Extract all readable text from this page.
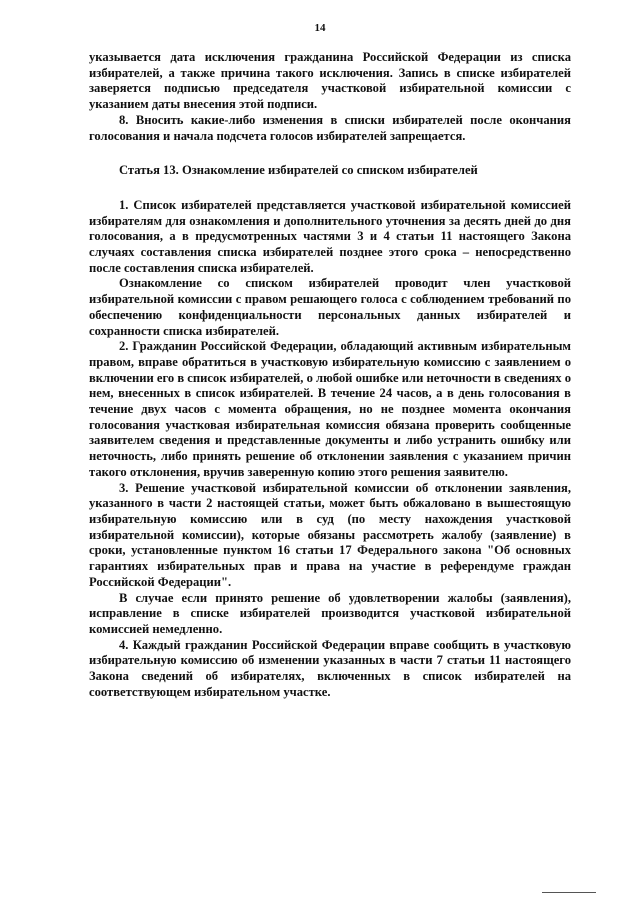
14

указывается дата исключения гражданина Российской Федерации из списка избирателей, а также причина такого исключения. Запись в списке избирателей заверяется подписью председателя участковой избирательной комиссии с указанием даты внесения этой подписи.

8. Вносить какие-либо изменения в списки избирателей после окончания голосования и начала подсчета голосов избирателей запрещается.

Статья 13. Ознакомление избирателей со списком избирателей

1. Список избирателей представляется участковой избирательной комиссией избирателям для ознакомления и дополнительного уточнения за десять дней до дня голосования, а в предусмотренных частями 3 и 4 статьи 11 настоящего Закона случаях составления списка избирателей позднее этого срока – непосредственно после составления списка избирателей.

Ознакомление со списком избирателей проводит член участковой избирательной комиссии с правом решающего голоса с соблюдением требований по обеспечению конфиденциальности персональных данных избирателей и сохранности списка избирателей.

2. Гражданин Российской Федерации, обладающий активным избирательным правом, вправе обратиться в участковую избирательную комиссию с заявлением о включении его в список избирателей, о любой ошибке или неточности в сведениях о нем, внесенных в список избирателей. В течение 24 часов, а в день голосования в течение двух часов с момента обращения, но не позднее момента окончания голосования участковая избирательная комиссия обязана проверить сообщенные заявителем сведения и представленные документы и либо устранить ошибку или неточность, либо принять решение об отклонении заявления с указанием причин такого отклонения, вручив заверенную копию этого решения заявителю.

3. Решение участковой избирательной комиссии об отклонении заявления, указанного в части 2 настоящей статьи, может быть обжаловано в вышестоящую избирательную комиссию или в суд (по месту нахождения участковой избирательной комиссии), которые обязаны рассмотреть жалобу (заявление) в сроки, установленные пунктом 16 статьи 17 Федерального закона "Об основных гарантиях избирательных прав и права на участие в референдуме граждан Российской Федерации".

В случае если принято решение об удовлетворении жалобы (заявления), исправление в списке избирателей производится участковой избирательной комиссией немедленно.

4. Каждый гражданин Российской Федерации вправе сообщить в участковую избирательную комиссию об изменении указанных в части 7 статьи 11 настоящего Закона сведений об избирателях, включенных в список избирателей на соответствующем избирательном участке.
